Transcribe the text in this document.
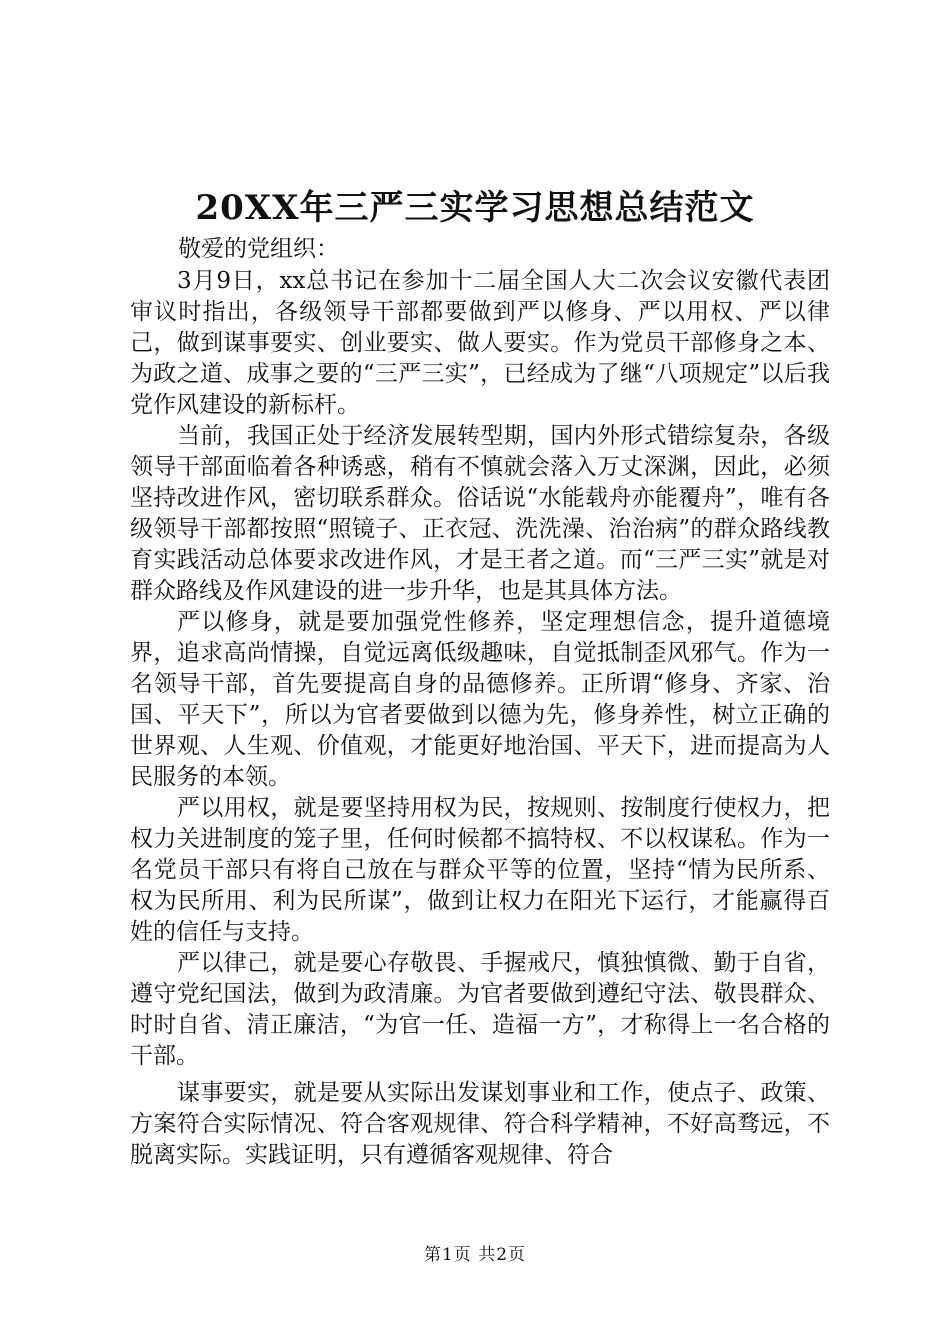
20XX年三严三实学习思想总结范文

敬爱的党组织：

3月9日，xx总书记在参加十二届全国人大二次会议安徽代表团审议时指出，各级领导干部都要做到严以修身、严以用权、严以律己，做到谋事要实、创业要实、做人要实。作为党员干部修身之本、为政之道、成事之要的“三严三实”，已经成为了继“八项规定”以后我党作风建设的新标杆。

当前，我国正处于经济发展转型期，国内外形式错综复杂，各级领导干部面临着各种诱惑，稍有不慎就会落入万丈深渊，因此，必须坚持改进作风，密切联系群众。俗话说“水能载舟亦能覆舟”，唯有各级领导干部都按照“照镜子、正衣冠、洗洗澡、治治病”的群众路线教育实践活动总体要求改进作风，才是王者之道。而“三严三实”就是对群众路线及作风建设的进一步升华，也是其具体方法。

严以修身，就是要加强党性修养，坚定理想信念，提升道德境界，追求高尚情操，自觉远离低级趣味，自觉抵制歪风邪气。作为一名领导干部，首先要提高自身的品德修养。正所谓“修身、齐家、治国、平天下”，所以为官者要做到以德为先，修身养性，树立正确的世界观、人生观、价值观，才能更好地治国、平天下，进而提高为人民服务的本领。

严以用权，就是要坚持用权为民，按规则、按制度行使权力，把权力关进制度的笼子里，任何时候都不搞特权、不以权谋私。作为一名党员干部只有将自己放在与群众平等的位置，坚持“情为民所系、权为民所用、利为民所谋”，做到让权力在阳光下运行，才能赢得百姓的信任与支持。

严以律己，就是要心存敬畏、手握戒尺，慎独慎微、勤于自省，遵守党纪国法，做到为政清廉。为官者要做到遵纪守法、敬畏群众、时时自省、清正廉洁，“为官一任、造福一方”，才称得上一名合格的干部。

谋事要实，就是要从实际出发谋划事业和工作，使点子、政策、方案符合实际情况、符合客观规律、符合科学精神，不好高骛远，不脱离实际。实践证明，只有遵循客观规律、符合

第1页 共2页
